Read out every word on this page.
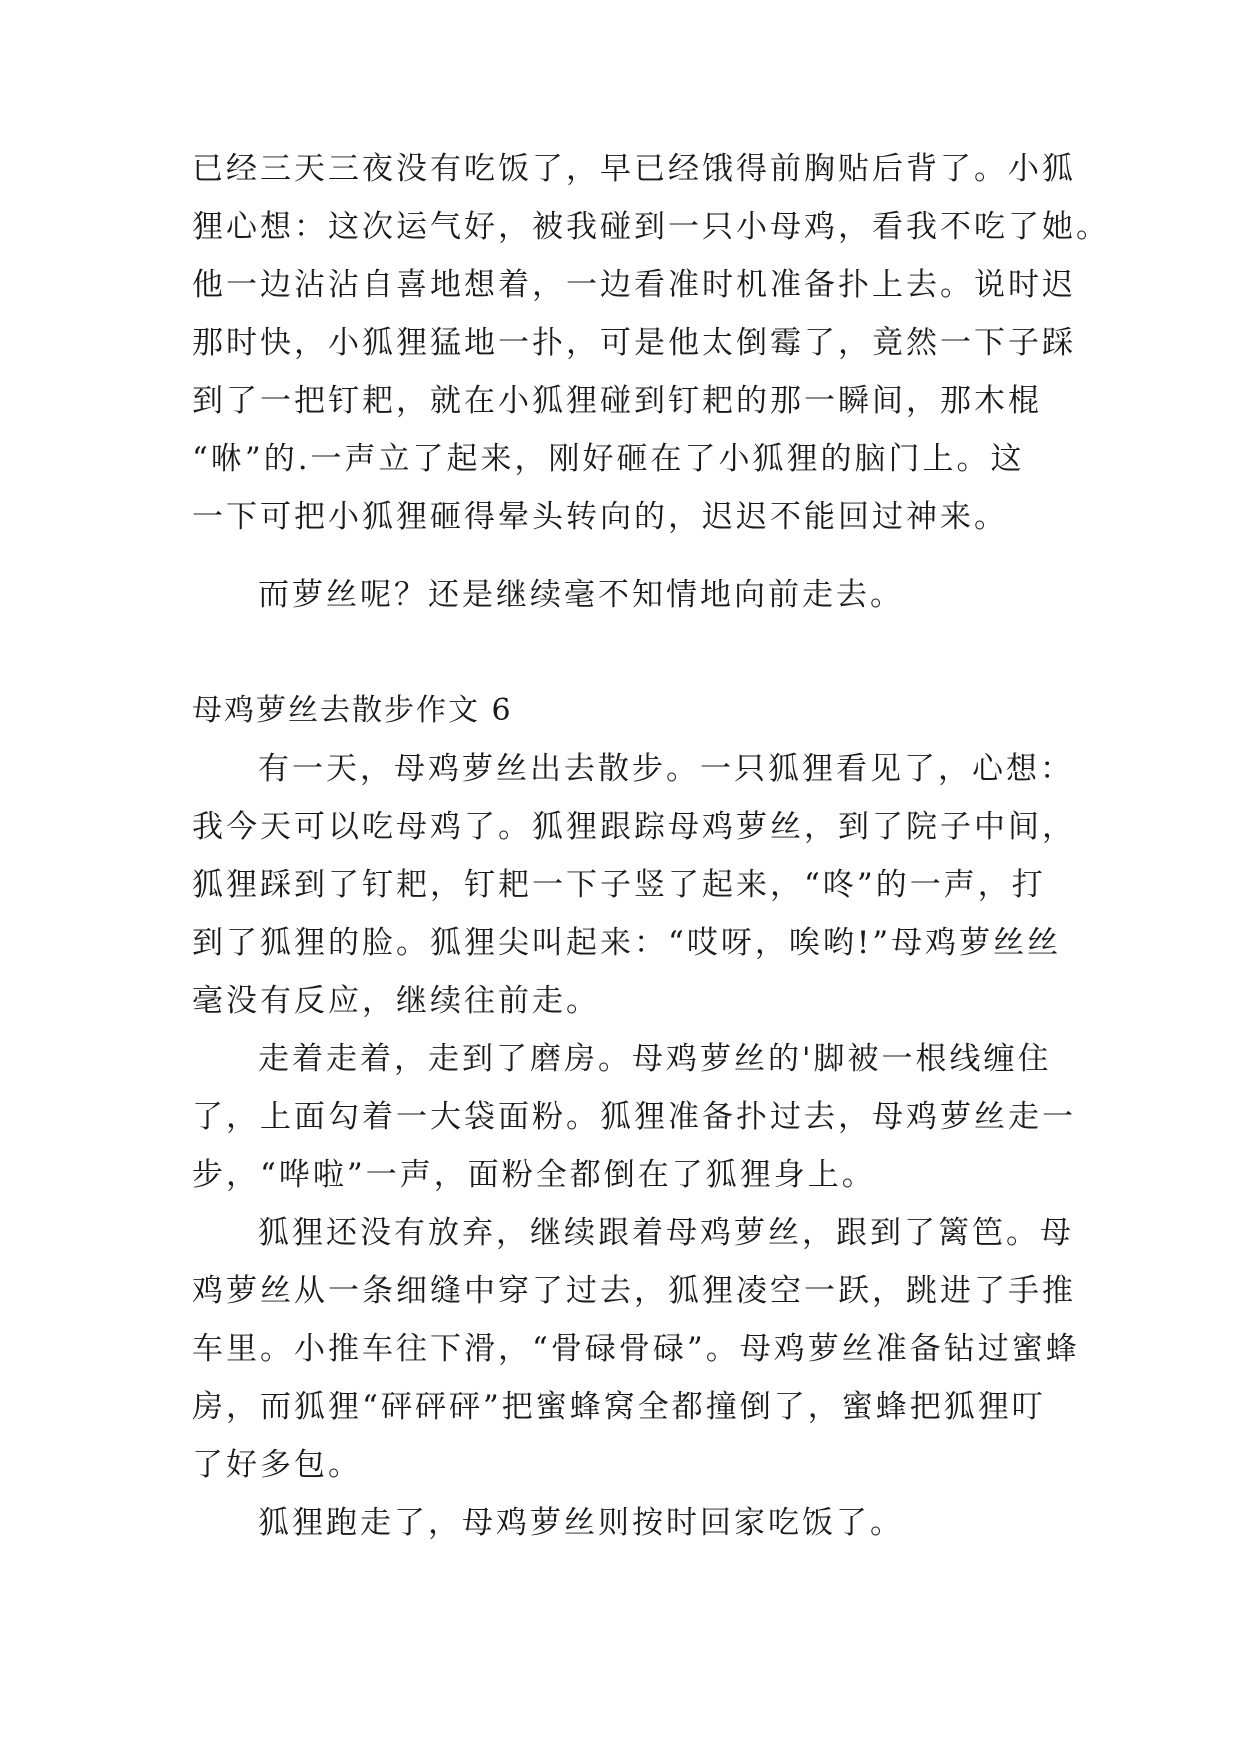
已经三天三夜没有吃饭了，早已经饿得前胸贴后背了。小狐
狸心想：这次运气好，被我碰到一只小母鸡，看我不吃了她。
他一边沾沾自喜地想着，一边看准时机准备扑上去。说时迟
那时快，小狐狸猛地一扑，可是他太倒霉了，竟然一下子踩
到了一把钉耙，就在小狐狸碰到钉耙的那一瞬间，那木棍
“咻”的.一声立了起来，刚好砸在了小狐狸的脑门上。这
一下可把小狐狸砸得晕头转向的，迟迟不能回过神来。
而萝丝呢？还是继续毫不知情地向前走去。
母鸡萝丝去散步作文 6
有一天，母鸡萝丝出去散步。一只狐狸看见了，心想：
我今天可以吃母鸡了。狐狸跟踪母鸡萝丝，到了院子中间，
狐狸踩到了钉耙，钉耙一下子竖了起来，“咚”的一声，打
到了狐狸的脸。狐狸尖叫起来：“哎呀，唉哟!”母鸡萝丝丝
毫没有反应，继续往前走。
走着走着，走到了磨房。母鸡萝丝的'脚被一根线缠住
了，上面勾着一大袋面粉。狐狸准备扑过去，母鸡萝丝走一
步，“哗啦”一声，面粉全都倒在了狐狸身上。
狐狸还没有放弃，继续跟着母鸡萝丝，跟到了篱笆。母
鸡萝丝从一条细缝中穿了过去，狐狸凌空一跃，跳进了手推
车里。小推车往下滑，“骨碌骨碌”。母鸡萝丝准备钻过蜜蜂
房，而狐狸“砰砰砰”把蜜蜂窝全都撞倒了，蜜蜂把狐狸叮
了好多包。
狐狸跑走了，母鸡萝丝则按时回家吃饭了。
